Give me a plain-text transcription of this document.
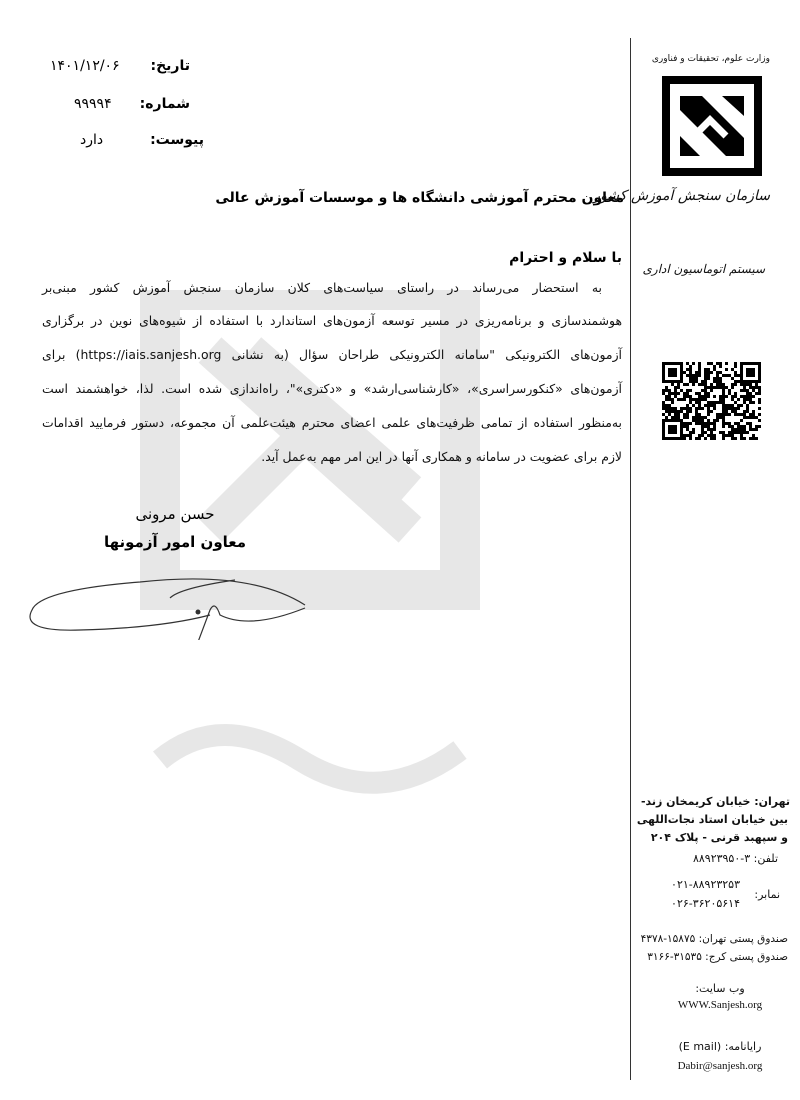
تاریخ:
۱۴۰۱/۱۲/۰۶
شماره:
۹۹۹۹۴
پیوست:
دارد
معاون محترم آموزشی دانشگاه ها و موسسات آموزش عالی
با سلام و احترام
به استحضار می‌رساند در راستای سیاست‌های کلان سازمان سنجش آموزش کشور مبنی‌بر
هوشمندسازی و برنامه‌ریزی در مسیر توسعه آزمون‌های استاندارد با استفاده از شیوه‌های نوین در برگزاری
آزمون‌های الکترونیکی "سامانه الکترونیکی طراحان سؤال (به نشانی https://iais.sanjesh.org) برای
آزمون‌های «کنکورسراسری»، «کارشناسی‌ارشد» و «دکتری»"، راه‌اندازی شده است. لذا، خواهشمند است
به‌منظور استفاده از تمامی ظرفیت‌های علمی اعضای محترم هیئت‌علمی آن مجموعه، دستور فرمایید اقدامات
لازم برای عضویت در سامانه و همکاری آنها در این امر مهم به‌عمل آید.
حسن مرونی
معاون امور آزمونها
وزارت علوم، تحقیقات و فناوری
سازمان سنجش آموزش کشور
سیستم اتوماسیون اداری
تهران: خیابان کریمخان زند-
بین خیابان استاد نجات‌اللهی
و سپهبد قرنی - پلاک ۲۰۴
تلفن: ۳-۸۸۹۲۳۹۵۰
نمابر:
۰۲۱-۸۸۹۲۳۲۵۳
۰۲۶-۳۶۲۰۵۶۱۴
صندوق پستی تهران: ۱۵۸۷۵-۴۳۷۸
صندوق پستی کرج: ۳۱۵۳۵-۳۱۶۶
وب سایت:
WWW.Sanjesh.org
رایانامه: (E mail)
Dabir@sanjesh.org
